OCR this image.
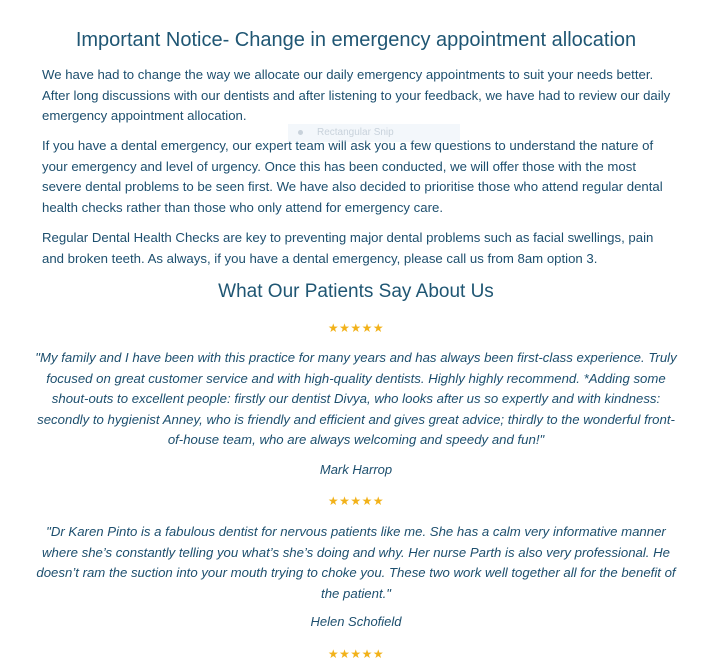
Important Notice- Change in emergency appointment allocation

We have had to change the way we allocate our daily emergency appointments to suit your needs better. After long discussions with our dentists and after listening to your feedback, we have had to review our daily emergency appointment allocation.

If you have a dental emergency, our expert team will ask you a few questions to understand the nature of your emergency and level of urgency. Once this has been conducted, we will offer those with the most severe dental problems to be seen first. We have also decided to prioritise those who attend regular dental health checks rather than those who only attend for emergency care.

Regular Dental Health Checks are key to preventing major dental problems such as facial swellings, pain and broken teeth. As always, if you have a dental emergency, please call us from 8am option 3.

Rectangular Snip
What Our Patients Say About Us
★★★★★

"My family and I have been with this practice for many years and has always been first-class experience. Truly focused on great customer service and with high-quality dentists. Highly highly recommend. *Adding some shout-outs to excellent people: firstly our dentist Divya, who looks after us so expertly and with kindness: secondly to hygienist Anney, who is friendly and efficient and gives great advice; thirdly to the wonderful front-of-house team, who are always welcoming and speedy and fun!"

Mark Harrop
★★★★★

"Dr Karen Pinto is a fabulous dentist for nervous patients like me. She has a calm very informative manner where she’s constantly telling you what’s she’s doing and why. Her nurse Parth is also very professional. He doesn’t ram the suction into your mouth trying to choke you. These two work well together all for the benefit of the patient."

Helen Schofield
★★★★★
